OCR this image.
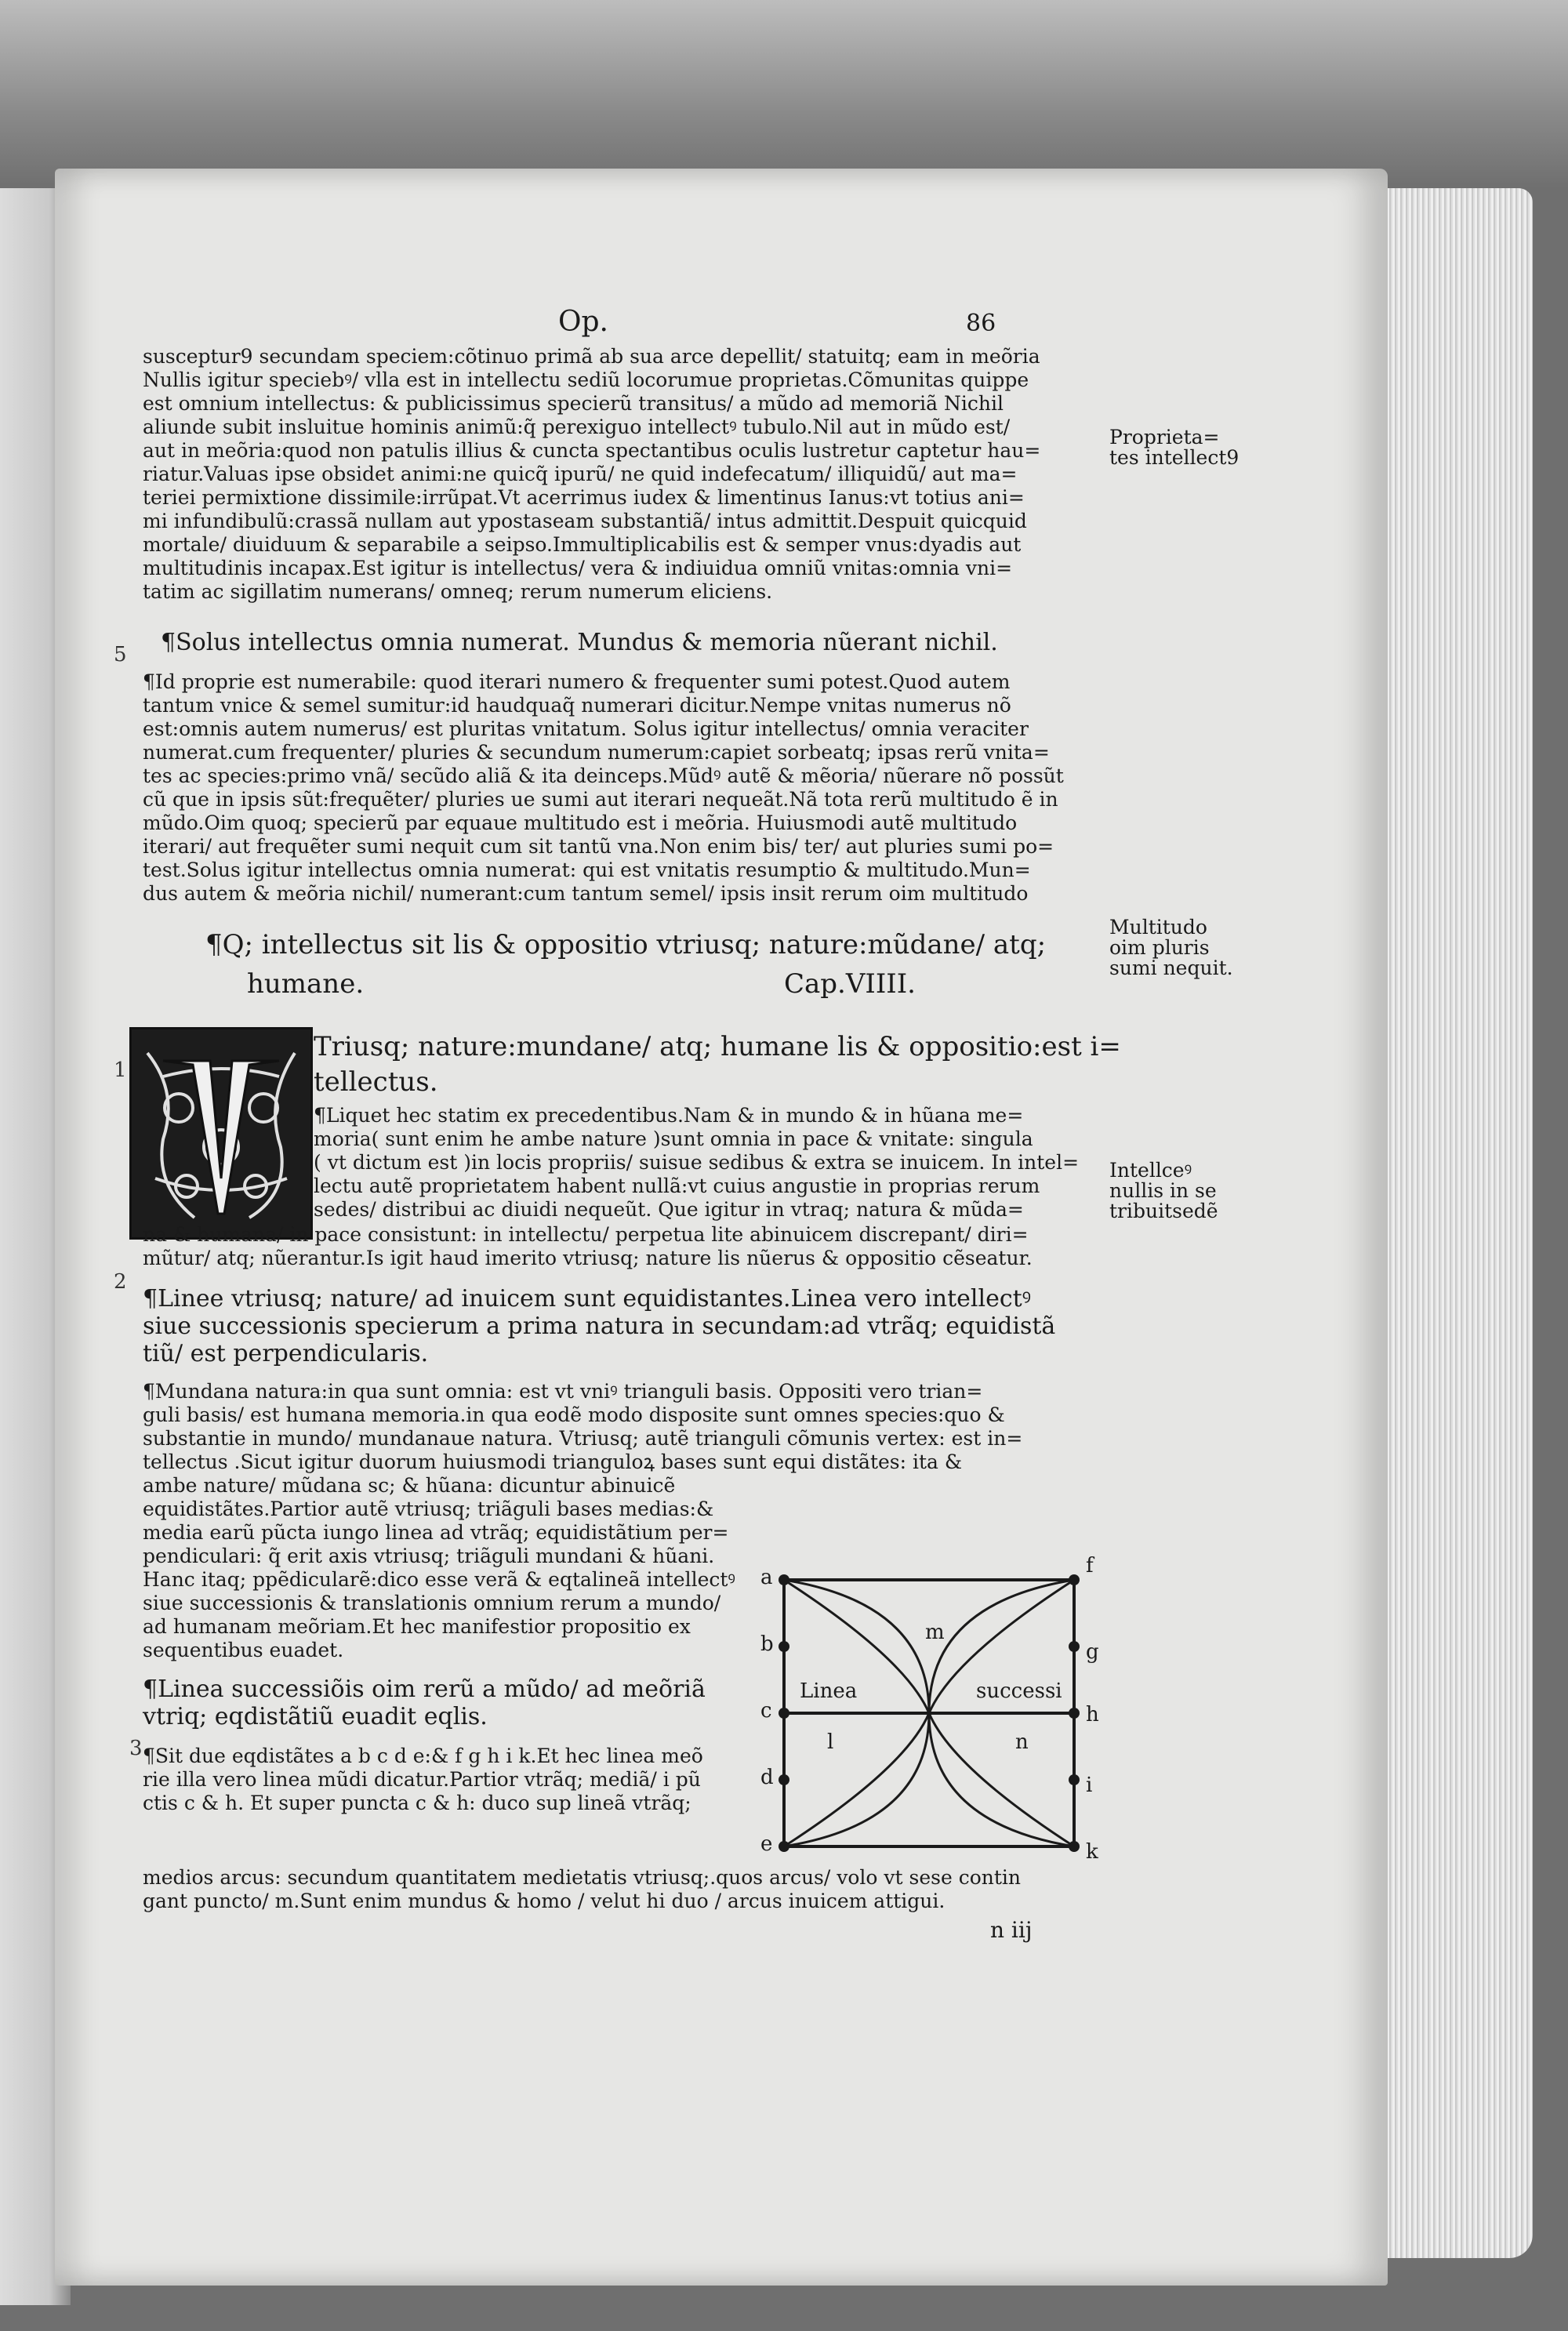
Op.	86
susceptur9 secundam speciem:cõtinuo primã ab sua arce depellit/ statuitq; eam in meõria
Nullis igitur speciebꝰ/ vlla est in intellectu sediũ locorumue proprietas.Cõmunitas quippe
est omnium intellectus: & publicissimus specierũ transitus/ a mũdo ad memoriã Nichil
aliunde subit insluitue hominis animũ:q̃ perexiguo intellectꝰ tubulo.Nil aut in mũdo est/
aut in meõria:quod non patulis illius & cuncta spectantibus oculis lustretur captetur hau=
riatur.Valuas ipse obsidet animi:ne quicq̃ ipurũ/ ne quid indefecatum/ illiquidũ/ aut ma=
teriei permixtione dissimile:irrũpat.Vt acerrimus iudex & limentinus Ianus:vt totius ani=
mi infundibulũ:crassã nullam aut ypostaseam substantiã/ intus admittit.Despuit quicquid
mortale/ diuiduum & separabile a seipso.Immultiplicabilis est & semper vnus:dyadis aut
multitudinis incapax.Est igitur is intellectus/ vera & indiuidua omniũ vnitas:omnia vni=
tatim ac sigillatim numerans/ omneq; rerum numerum eliciens.
¶Solus intellectus omnia numerat. Mundus & memoria nũerant nichil.
¶Id proprie est numerabile: quod iterari numero & frequenter sumi potest.Quod autem
tantum vnice & semel sumitur:id haudquaq̃ numerari dicitur.Nempe vnitas numerus nõ
est:omnis autem numerus/ est pluritas vnitatum. Solus igitur intellectus/ omnia veraciter
numerat.cum frequenter/ pluries & secundum numerum:capiet sorbeatq; ipsas rerũ vnita=
tes ac species:primo vnã/ secũdo aliã & ita deinceps.Mũdꝰ autẽ & mẽoria/ nũerare nõ possũt
cũ que in ipsis sũt:frequẽter/ pluries ue sumi aut iterari nequeãt.Nã tota rerũ multitudo ẽ in
mũdo.Oim quoq; specierũ par equaue multitudo est i meõria. Huiusmodi autẽ multitudo
iterari/ aut frequẽter sumi nequit cum sit tantũ vna.Non enim bis/ ter/ aut pluries sumi po=
test.Solus igitur intellectus omnia numerat: qui est vnitatis resumptio & multitudo.Mun=
dus autem & meõria nichil/ numerant:cum tantum semel/ ipsis insit rerum oim multitudo
¶Q; intellectus sit lis & oppositio vtriusq; nature:mũdane/ atq;
humane.	Cap.VIIII.
Triusq; nature:mundane/ atq; humane lis & oppositio:est i=
tellectus.
¶Liquet hec statim ex precedentibus.Nam & in mundo & in hũana me=
moria( sunt enim he ambe nature )sunt omnia in pace & vnitate: singula
( vt dictum est )in locis propriis/ suisue sedibus & extra se inuicem. In intel=
lectu autẽ proprietatem habent nullã:vt cuius angustie in proprias rerum
sedes/ distribui ac diuidi nequeũt. Que igitur in vtraq; natura & mũda=
na & humana/ in pace consistunt: in intellectu/ perpetua lite abinuicem discrepant/ diri=
mũtur/ atq; nũerantur.Is igit haud imerito vtriusq; nature lis nũerus & oppositio cẽseatur.
¶Linee vtriusq; nature/ ad inuicem sunt equidistantes.Linea vero intellectꝰ
siue successionis specierum a prima natura in secundam:ad vtrãq; equidistã
tiũ/ est perpendicularis.
¶Mundana natura:in qua sunt omnia: est vt vniꝰ trianguli basis. Oppositi vero trian=
guli basis/ est humana memoria.in qua eodẽ modo disposite sunt omnes species:quo &
substantie in mundo/ mundanaue natura. Vtriusq; autẽ trianguli cõmunis vertex: est in=
tellectus .Sicut igitur duorum huiusmodi trianguloꝝ bases sunt equi distãtes: ita &
ambe nature/ mũdana sc; & hũana: dicuntur abinuicẽ
equidistãtes.Partior autẽ vtriusq; triãguli bases medias:&
media earũ pũcta iungo linea ad vtrãq; equidistãtium per=
pendiculari: q̃ erit axis vtriusq; triãguli mundani & hũani.
Hanc itaq; ppẽdicularẽ:dico esse verã & eqtalineã intellectꝰ
siue successionis & translationis omnium rerum a mundo/
ad humanam meõriam.Et hec manifestior propositio ex
sequentibus euadet.
¶Linea successiõis oim rerũ a mũdo/ ad meõriã
vtriq; eqdistãtiũ euadit eqlis.
¶Sit due eqdistãtes a b c d e:& f g h i k.Et hec linea meõ
rie illa vero linea mũdi dicatur.Partior vtrãq; mediã/ i pũ
ctis c & h. Et super puncta c & h: duco sup lineã vtrãq;
medios arcus: secundum quantitatem medietatis vtriusq;.quos arcus/ volo vt sese contin
gant puncto/ m.Sunt enim mundus & homo / velut hi duo / arcus inuicem attigui.
Proprieta=
tes intellect9
Multitudo
oim pluris
sumi nequit.
Intellceꝰ
nullis in se
tribuitsedẽ
5
1
2
3
a
b
c
d
e
f
g
h
i
k
m
l	n
Linea	successi
n iij
